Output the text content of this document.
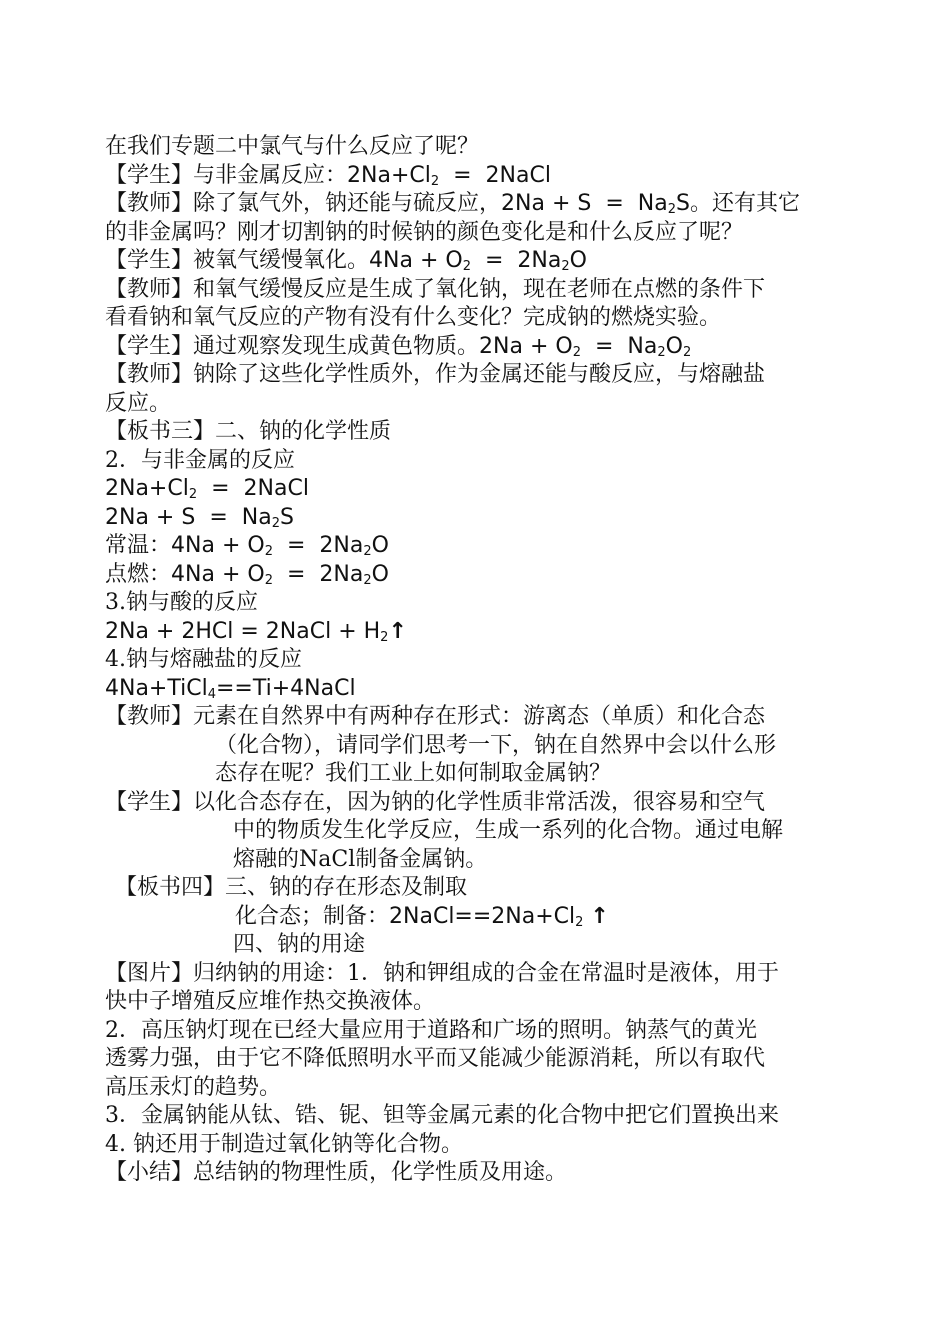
在我们专题二中氯气与什么反应了呢？
【学生】与非金属反应：$2Na+Cl_2$  =  2NaCl
【教师】除了氯气外，钠还能与硫反应，$2Na + S = Na_2S$。还有其它
的非金属吗？刚才切割钠的时候钠的颜色变化是和什么反应了呢？
【学生】被氧气缓慢氧化。$4Na + O_2 = 2Na_2O$
【教师】和氧气缓慢反应是生成了氧化钠，现在老师在点燃的条件下
看看钠和氧气反应的产物有没有什么变化？完成钠的燃烧实验。
【学生】通过观察发现生成黄色物质。$2Na + O_2 = Na_2O_2$
【教师】钠除了这些化学性质外，作为金属还能与酸反应，与熔融盐
反应。
【板书三】二、钠的化学性质
2．与非金属的反应
$2Na+Cl_2$  =  2NaCl
$2Na + S = Na_2S$
常温：$4Na + O_2 = 2Na_2O$
点燃：$4Na + O_2 = 2Na_2O$
3.钠与酸的反应
2Na + 2HCl = 2NaCl + $H_2↑$
4.钠与熔融盐的反应
4Na+TiCl$_4$==Ti+4NaCl
【教师】元素在自然界中有两种存在形式：游离态（单质）和化合态
（化合物），请同学们思考一下，钠在自然界中会以什么形
态存在呢？我们工业上如何制取金属钠？
【学生】以化合态存在，因为钠的化学性质非常活泼，很容易和空气
中的物质发生化学反应，生成一系列的化合物。通过电解
熔融的NaCl制备金属钠。
【板书四】三、钠的存在形态及制取
化合态；制备：$2NaCl==2Na+Cl_2$ ↑
四、钠的用途
【图片】归纳钠的用途：1．钠和钾组成的合金在常温时是液体，用于
快中子增殖反应堆作热交换液体。
2．高压钠灯现在已经大量应用于道路和广场的照明。钠蒸气的黄光
透雾力强，由于它不降低照明水平而又能减少能源消耗，所以有取代
高压汞灯的趋势。
3．金属钠能从钛、锆、铌、钽等金属元素的化合物中把它们置换出来
4. 钠还用于制造过氧化钠等化合物。
【小结】总结钠的物理性质，化学性质及用途。
